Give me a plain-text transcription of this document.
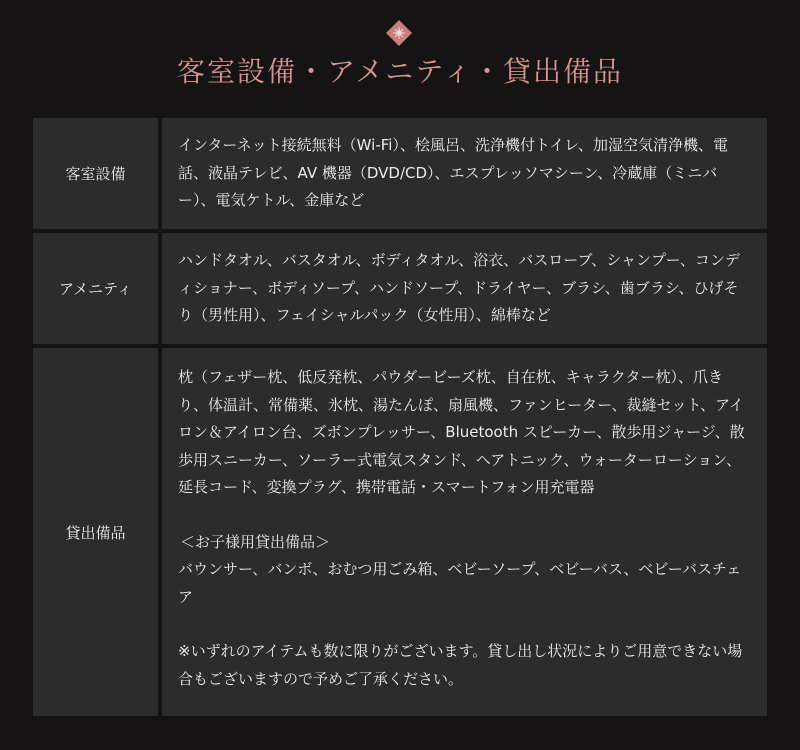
客室設備・アメニティ・貸出備品
客室設備

インターネット接続無料（Wi-Fi）、桧風呂、洗浄機付トイレ、加湿空気清浄機、電話、液晶テレビ、AV 機器（DVD/CD）、エスプレッソマシーン、冷蔵庫（ミニバー）、電気ケトル、金庫など

アメニティ

ハンドタオル、バスタオル、ボディタオル、浴衣、バスローブ、シャンプー、コンディショナー、ボディソープ、ハンドソープ、ドライヤー、ブラシ、歯ブラシ、ひげそり（男性用）、フェイシャルパック（女性用）、綿棒など

貸出備品

枕（フェザー枕、低反発枕、パウダービーズ枕、自在枕、キャラクター枕）、爪きり、体温計、常備薬、氷枕、湯たんぽ、扇風機、ファンヒーター、裁縫セット、アイロン＆アイロン台、ズボンプレッサー、Bluetooth スピーカー、散歩用ジャージ、散歩用スニーカー、ソーラー式電気スタンド、ヘアトニック、ウォーターローション、延長コード、変換プラグ、携帯電話・スマートフォン用充電器

＜お子様用貸出備品＞

バウンサー、バンボ、おむつ用ごみ箱、ベビーソープ、ベビーバス、ベビーバスチェア

※いずれのアイテムも数に限りがございます。貸し出し状況によりご用意できない場合もございますので予めご了承ください。
